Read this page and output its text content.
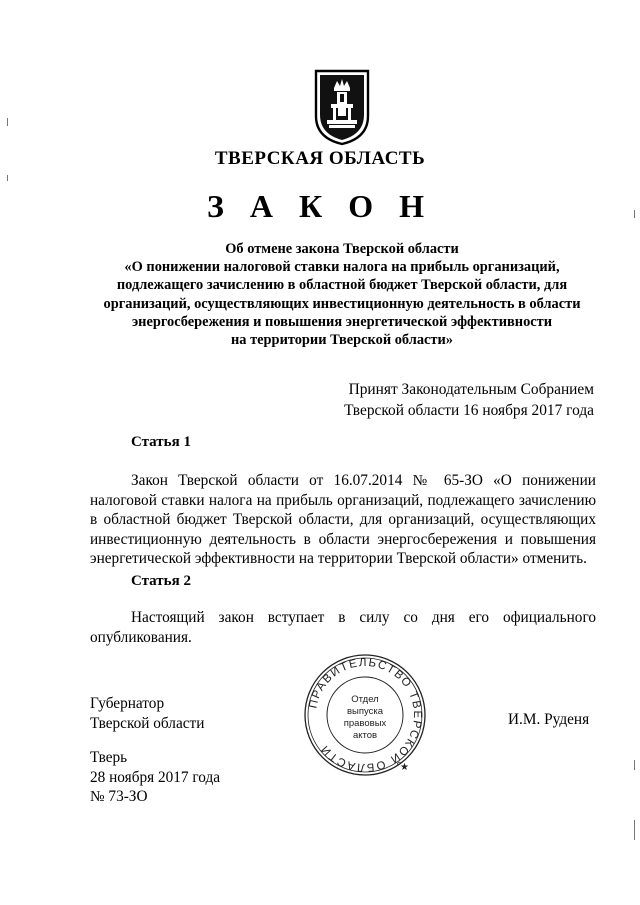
ТВЕРСКАЯ ОБЛАСТЬ
З А К О Н
Об отмене закона Тверской области
«О понижении налоговой ставки налога на прибыль организаций,
подлежащего зачислению в областной бюджет Тверской области, для
организаций, осуществляющих инвестиционную деятельность в области
энергосбережения и повышения энергетической эффективности
на территории Тверской области»
Принят Законодательным Собранием
Тверской области 16 ноября 2017 года
Статья 1
Закон Тверской области от 16.07.2014 № 65-ЗО «О понижении налоговой ставки налога на прибыль организаций, подлежащего зачислению в областной бюджет Тверской области, для организаций, осуществляющих инвестиционную деятельность в области энергосбережения и повышения энергетической эффективности на территории Тверской области» отменить.
Статья 2
Настоящий закон вступает в силу со дня его официального опубликования.
ПРАВИТЕЛЬСТВО ТВЕРСКОЙ ОБЛАСТИ
★
Отдел
выпуска
правовых
актов
Губернатор
Тверской области	И.М. Руденя
Тверь
28 ноября 2017 года
№ 73-ЗО
